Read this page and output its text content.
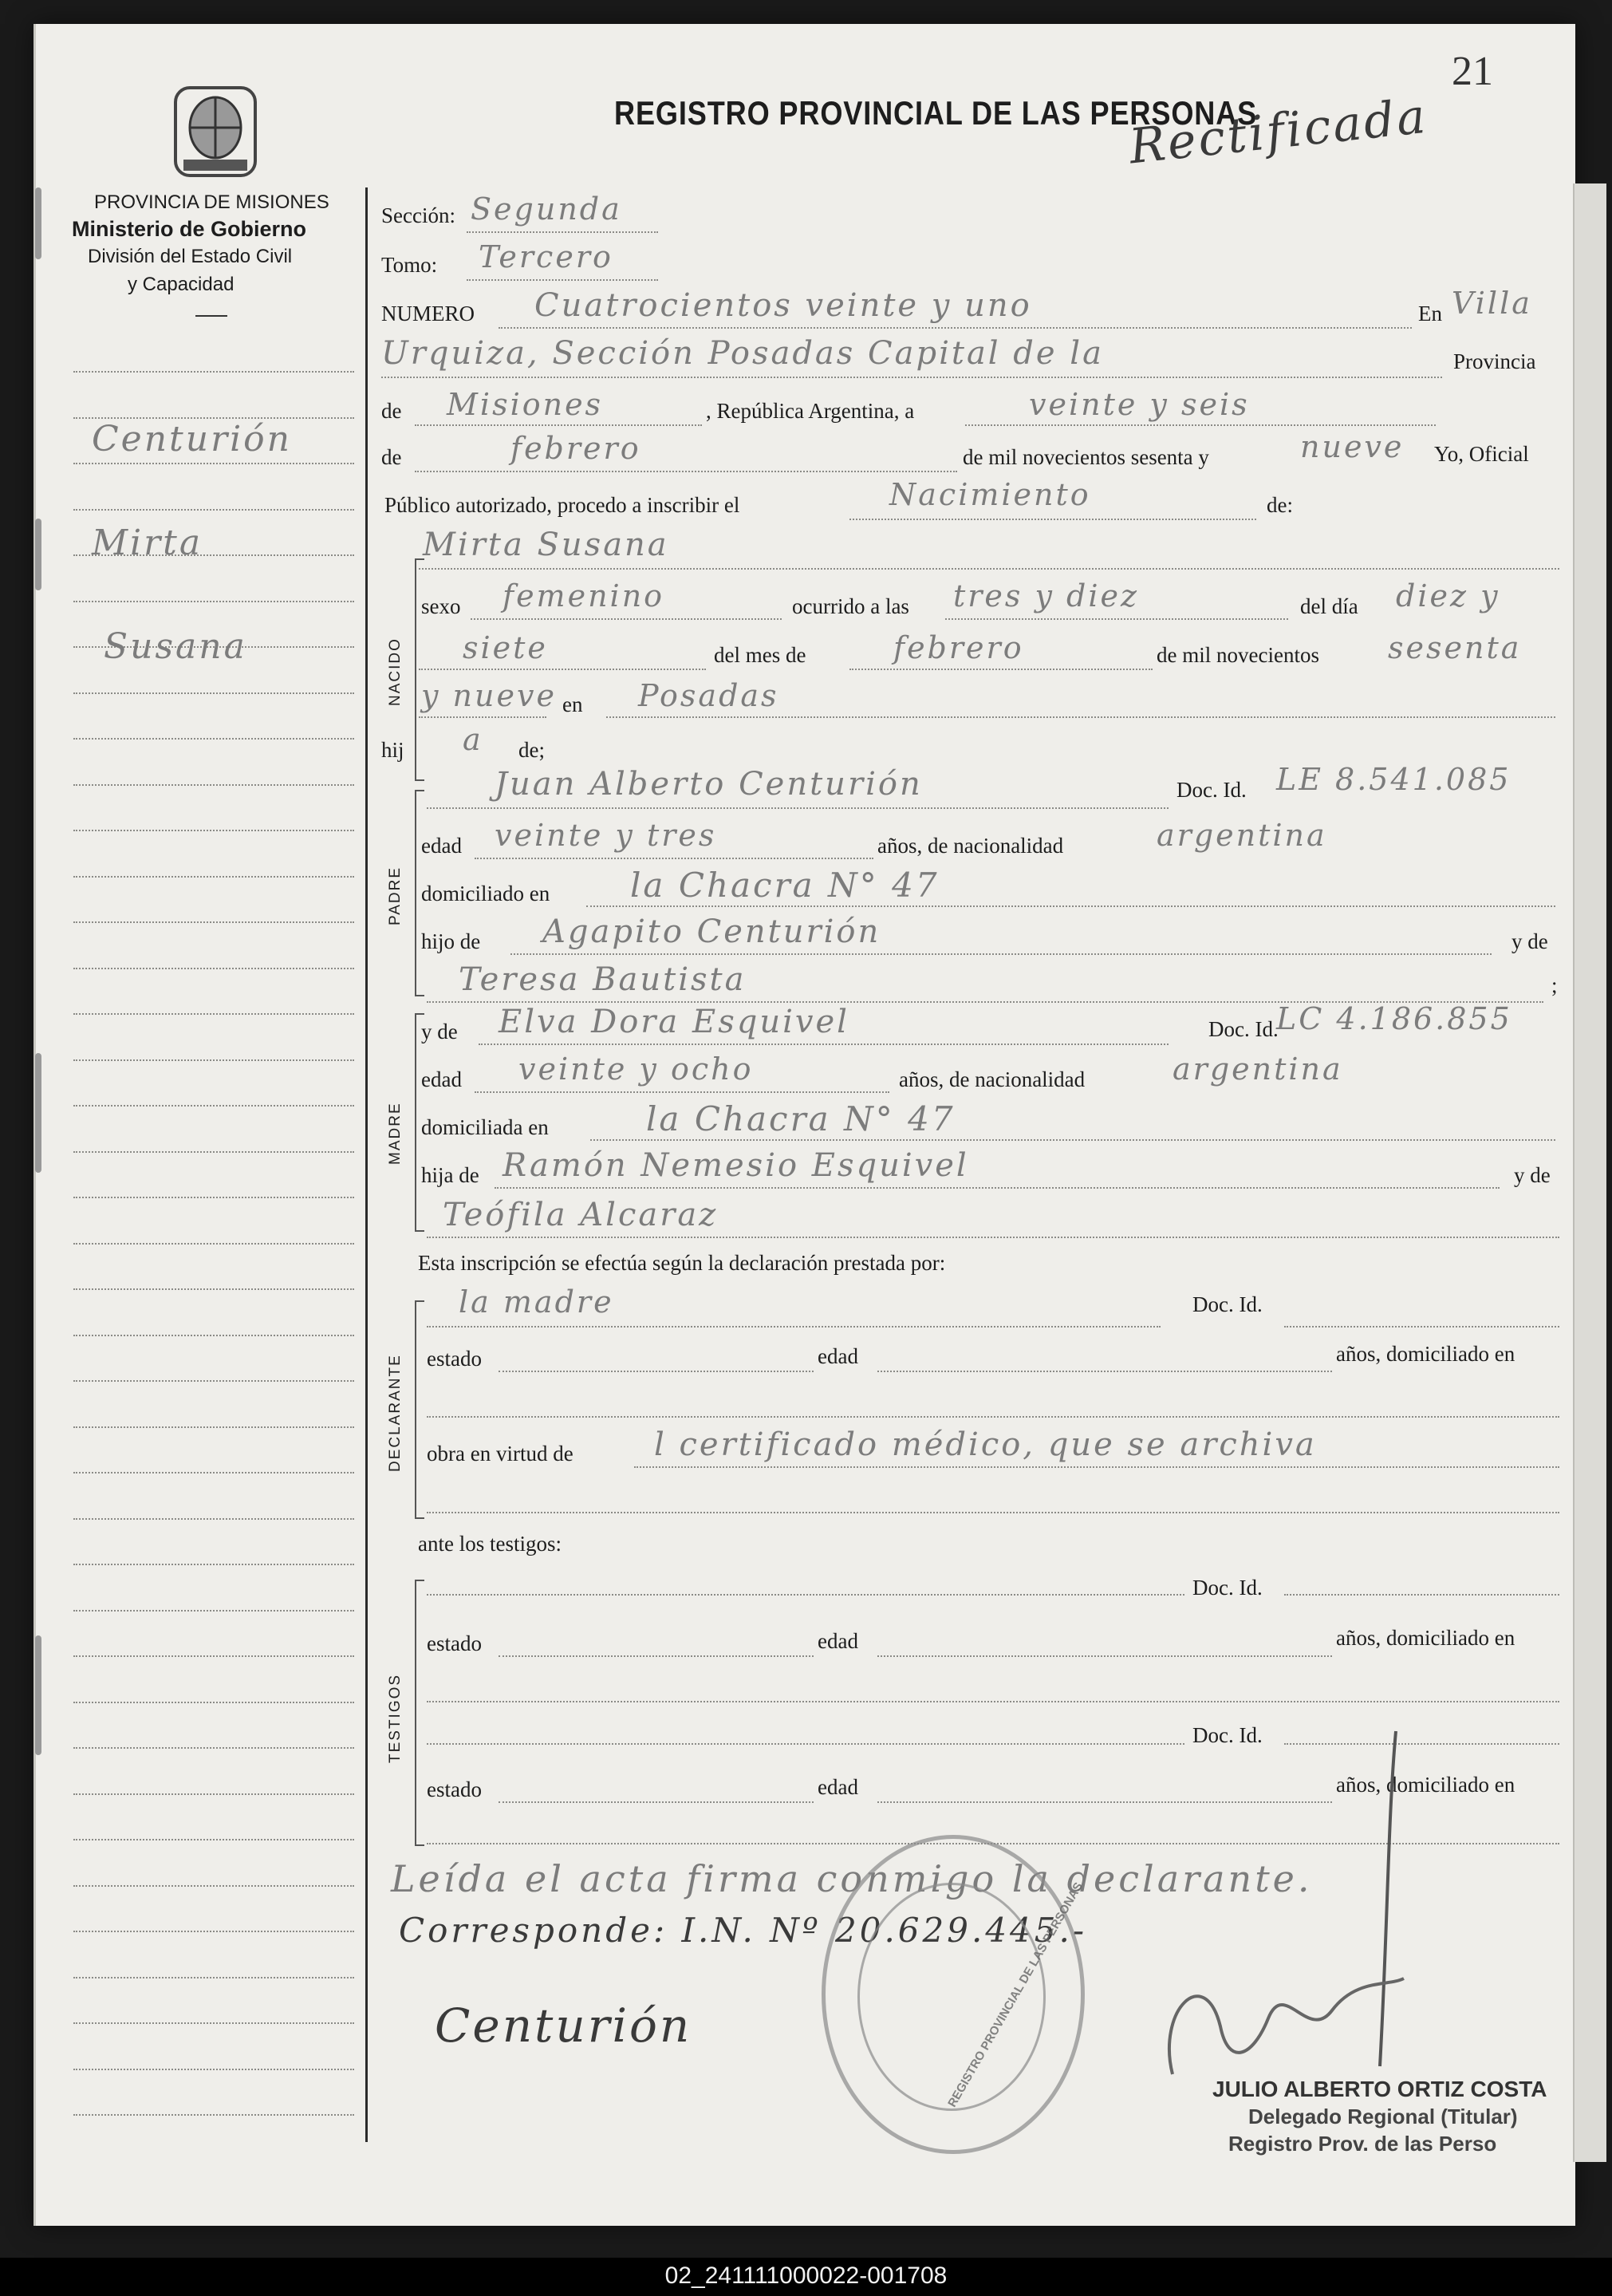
21
PROVINCIA DE MISIONES
Ministerio de Gobierno
División del Estado Civil
y Capacidad
REGISTRO PROVINCIAL DE LAS PERSONAS
Rectificada
Centurión
Mirta
Susana	NACIDO
PADRE
MADRE
DECLARANTE
TESTIGOS
Sección: Segunda
Tomo: Tercero
NUMERO Cuatrocientos veinte y uno	En Villa
Urquiza, Sección Posadas Capital de la	Provincia
de Misiones	, República Argentina, a	veinte y seis
de	febrero	de mil novecientos sesenta y	nueve Yo, Oficial
Público autorizado, procedo a inscribir el	Nacimiento	de:
Mirta Susana
sexo femenino	ocurrido a las tres y diez	del día diez y
siete	del mes de	febrero	de mil novecientos sesenta
y nueve en Posadas
hij a de;
Juan Alberto Centurión	Doc. Id. LE 8.541.085
edad veinte y tres	años, de nacionalidad	argentina
domiciliado en la Chacra N° 47
hijo de Agapito Centurión	y de
Teresa Bautista	;
y de Elva Dora Esquivel	Doc. Id.
LC 4.186.855
edad veinte y ocho	años, de nacionalidad	argentina
domiciliada en	la Chacra N° 47
hija de Ramón Nemesio Esquivel	y de
Teófila Alcaraz
Esta inscripción se efectúa según la declaración prestada por:
la madre	Doc. Id.
estado	edad	años, domiciliado en
obra en virtud de	l certificado médico, que se archiva
ante los testigos:
Doc. Id.
estado	edad	años, domiciliado en
Doc. Id.
estado	edad	años, domiciliado en
Leída el acta firma conmigo la declarante.
Corresponde: I.N. Nº 20.629.445.-
Centurión	REGISTRO PROVINCIAL DE LAS PERSONAS	JULIO ALBERTO ORTIZ COSTA
Delegado Regional (Titular)
Registro Prov. de las Perso
02_241111000022-001708
